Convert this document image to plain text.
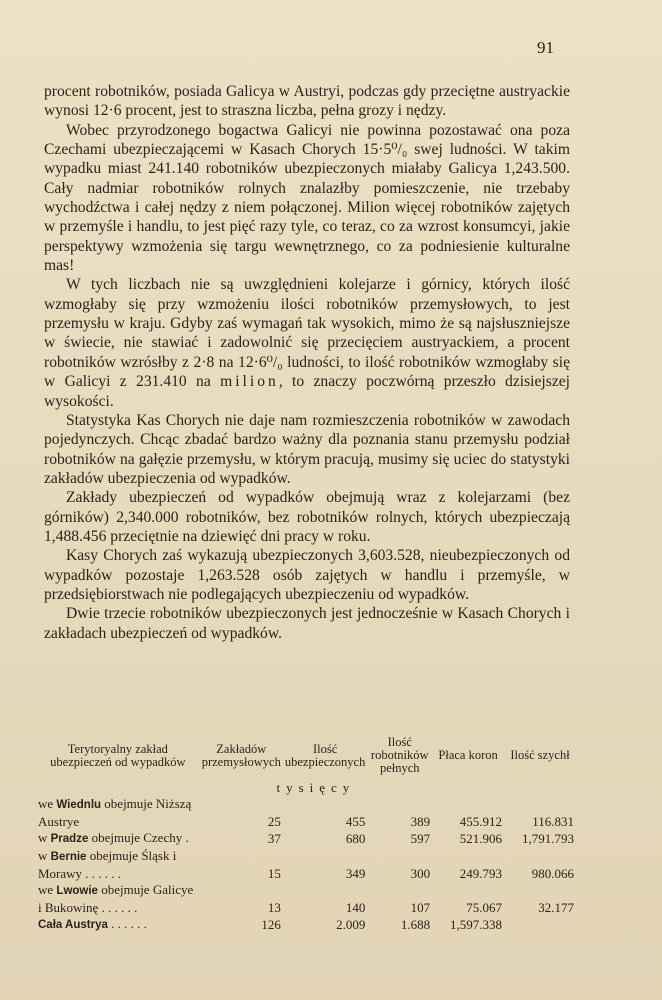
91

procent robotników, posiada Galicya w Austryi, podczas gdy przeciętne austryackie wynosi 12·6 procent, jest to straszna liczba, pełna grozy i nędzy.

Wobec przyrodzonego bogactwa Galicyi nie powinna pozostawać ona poza Czechami ubezpieczającemi w Kasach Chorych 15·5⁰/₀ swej ludności. W takim wypadku miast 241.140 robotników ubezpieczonych miałaby Galicya 1,243.500. Cały nadmiar robotników rolnych znalazłby pomieszczenie, nie trzebaby wychodźctwa i całej nędzy z niem połączonej. Milion więcej robotników zajętych w przemyśle i handlu, to jest pięć razy tyle, co teraz, co za wzrost konsumcyi, jakie perspektywy wzmożenia się targu wewnętrznego, co za podniesienie kulturalne mas!

W tych liczbach nie są uwzględnieni kolejarze i górnicy, których ilość wzmogłaby się przy wzmożeniu ilości robotników przemysłowych, to jest przemysłu w kraju. Gdyby zaś wymagań tak wysokich, mimo że są najsłuszniejsze w świecie, nie stawiać i zadowolnić się przecięciem austryackiem, a procent robotników wzrósłby z 2·8 na 12·6⁰/₀ ludności, to ilość robotników wzmogłaby się w Galicyi z 231.410 na milion, to znaczy poczwórną przeszło dzisiejszej wysokości.

Statystyka Kas Chorych nie daje nam rozmieszczenia robotników w zawodach pojedynczych. Chcąc zbadać bardzo ważny dla poznania stanu przemysłu podział robotników na gałęzie przemysłu, w którym pracują, musimy się uciec do statystyki zakładów ubezpieczenia od wypadków.

Zakłady ubezpieczeń od wypadków obejmują wraz z kolejarzami (bez górników) 2,340.000 robotników, bez robotników rolnych, których ubezpieczają 1,488.456 przeciętnie na dziewięć dni pracy w roku.

Kasy Chorych zaś wykazują ubezpieczonych 3,603.528, nieubezpieczonych od wypadków pozostaje 1,263.528 osób zajętych w handlu i przemyśle, w przedsiębiorstwach nie podlegających ubezpieczeniu od wypadków.

Dwie trzecie robotników ubezpieczonych jest jednocześnie w Kasach Chorych i zakładach ubezpieczeń od wypadków.

Terytoryalny zakład ubezpieczeń od wypadków	Zakładów przemysłowych	Ilość ubezpieczonych	Ilość robotników pełnych	Płaca koron	Ilość szychł
	tysięcy				
we Wiednlu obejmuje Niższą Austrye	25	455	389	455.912	116.831
w Pradze obejmuje Czechy .	37	680	597	521.906	1,791.793
w Bernie obejmuje Śląsk i Morawy . . . . . .	15	349	300	249.793	980.066
we Lwowie obejmuje Galicye i Bukowinę . . . . . .	13	140	107	75.067	32.177
Cała Austrya . . . . . .	126	2.009	1.688	1,597.338	
